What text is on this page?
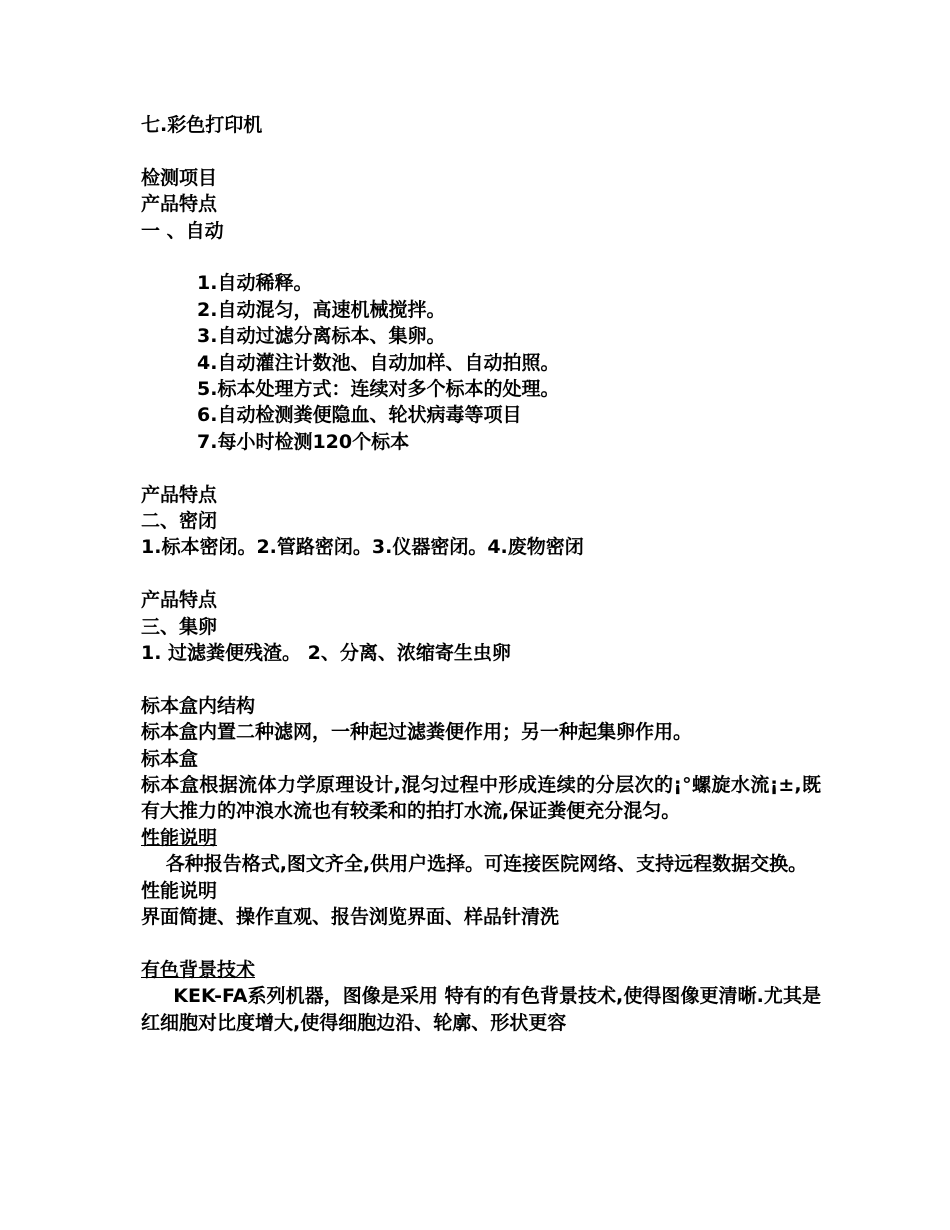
七.彩色打印机
检测项目
产品特点
一 、自动
1.自动稀释。
2.自动混匀，高速机械搅拌。
3.自动过滤分离标本、集卵。
4.自动灌注计数池、自动加样、自动拍照。
5.标本处理方式：连续对多个标本的处理。
6.自动检测粪便隐血、轮状病毒等项目
7.每小时检测120个标本
产品特点
二、密闭
1.标本密闭。2.管路密闭。3.仪器密闭。4.废物密闭
产品特点
三、集卵
1. 过滤粪便残渣。 2、分离、浓缩寄生虫卵
标本盒内结构
标本盒内置二种滤网，一种起过滤粪便作用；另一种起集卵作用。
标本盒
标本盒根据流体力学原理设计,混匀过程中形成连续的分层次的¡°螺旋水流¡±,既有大推力的冲浪水流也有较柔和的拍打水流,保证粪便充分混匀。
性能说明
各种报告格式,图文齐全,供用户选择。可连接医院网络、支持远程数据交换。
性能说明
界面简捷、操作直观、报告浏览界面、样品针清洗
有色背景技术
KEK-FA系列机器，图像是采用 特有的有色背景技术,使得图像更清晰.尤其是红细胞对比度增大,使得细胞边沿、轮廓、形状更容
